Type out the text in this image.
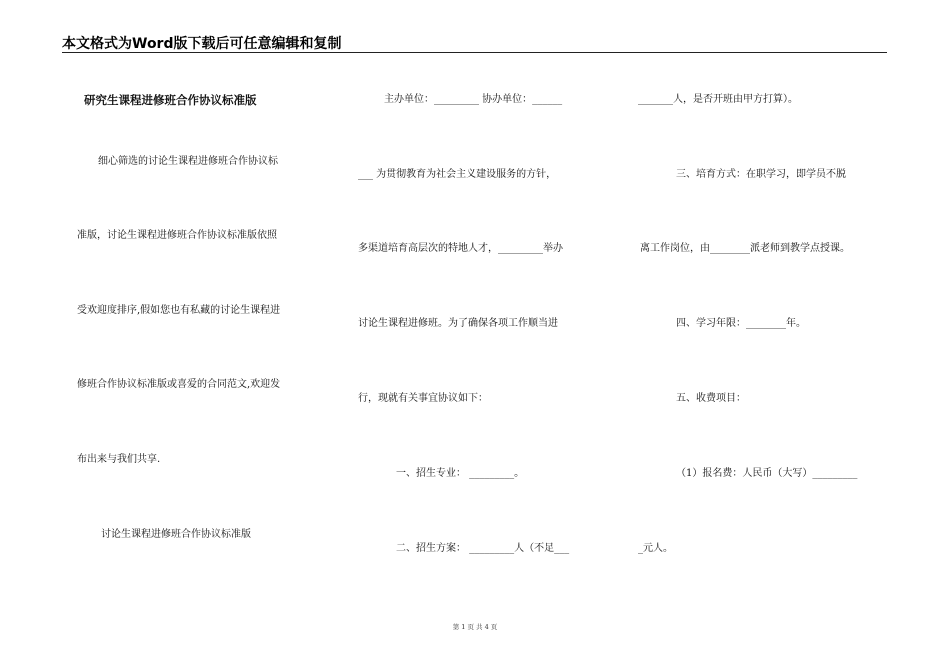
本文格式为Word版下载后可任意编辑和复制
研究生课程进修班合作协议标准版
细心筛选的讨论生课程进修班合作协议标
准版，讨论生课程进修班合作协议标准版依照
受欢迎度排序,假如您也有私藏的讨论生课程进
修班合作协议标准版或喜爱的合同范文,欢迎发
布出来与我们共享.
讨论生课程进修班合作协议标准版
主办单位：_________ 协办单位：______
___ 为贯彻教育为社会主义建设服务的方针，
多渠道培育高层次的特地人才，_________举办
讨论生课程进修班。为了确保各项工作顺当进
行，现就有关事宜协议如下：
一、招生专业： _________。
二、招生方案： _________人（不足___
_______人，是否开班由甲方打算）。
三、培育方式：在职学习，即学员不脱
离工作岗位，由________派老师到教学点授课。
四、学习年限：________年。
五、收费项目：
（1）报名费：人民币（大写）_________
_元人。
第 1 页 共 4 页
